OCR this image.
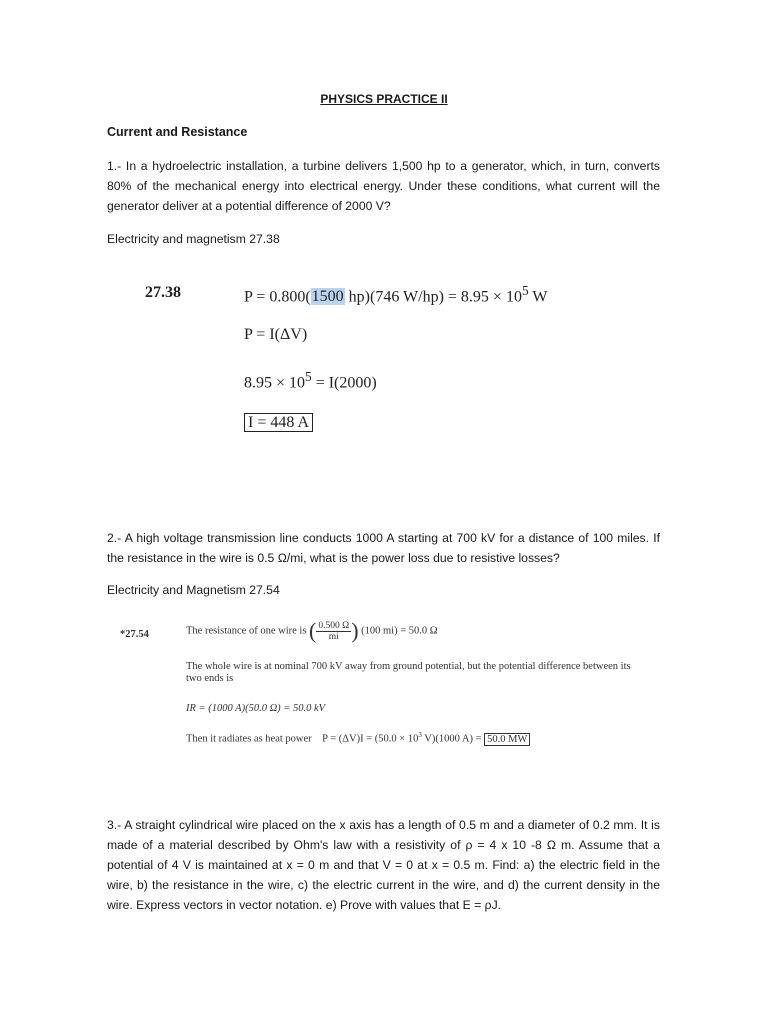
PHYSICS PRACTICE II
Current and Resistance
1.- In a hydroelectric installation, a turbine delivers 1,500 hp to a generator, which, in turn, converts 80% of the mechanical energy into electrical energy. Under these conditions, what current will the generator deliver at a potential difference of 2000 V?
Electricity and magnetism 27.38
27.38	P = 0.800(1500 hp)(746 $W/hp) = 8.95 \times 10^5$ W
P = I(ΔV)
$8.95 \times 10^5 = I(2000)$
I = 448 A
2.- A high voltage transmission line conducts 1000 A starting at 700 kV for a distance of 100 miles. If the resistance in the wire is 0.5 Ω/mi, what is the power loss due to resistive losses?
Electricity and Magnetism 27.54
*27.54	The resistance of one wire is ( $\frac{0.500 \Omega}{mi}$ ) (100 mi) = 50.0 Ω
The whole wire is at nominal 700 kV away from ground potential, but the potential difference between its two ends is
IR = (1000 A)(50.0 Ω) = 50.0 kV
Then it radiates as heat power $P = (\Delta V)I = (50.0 \times 10^3$ V)(1000 A) = 50.0 MW
3.- A straight cylindrical wire placed on the x axis has a length of 0.5 m and a diameter of 0.2 mm. It is made of a material described by Ohm's law with a resistivity of ρ = 4 x 10 -8 Ω m. Assume that a potential of 4 V is maintained at x = 0 m and that V = 0 at x = 0.5 m. Find: a) the electric field in the wire, b) the resistance in the wire, c) the electric current in the wire, and d) the current density in the wire. Express vectors in vector notation. e) Prove with values that E = ρJ.
